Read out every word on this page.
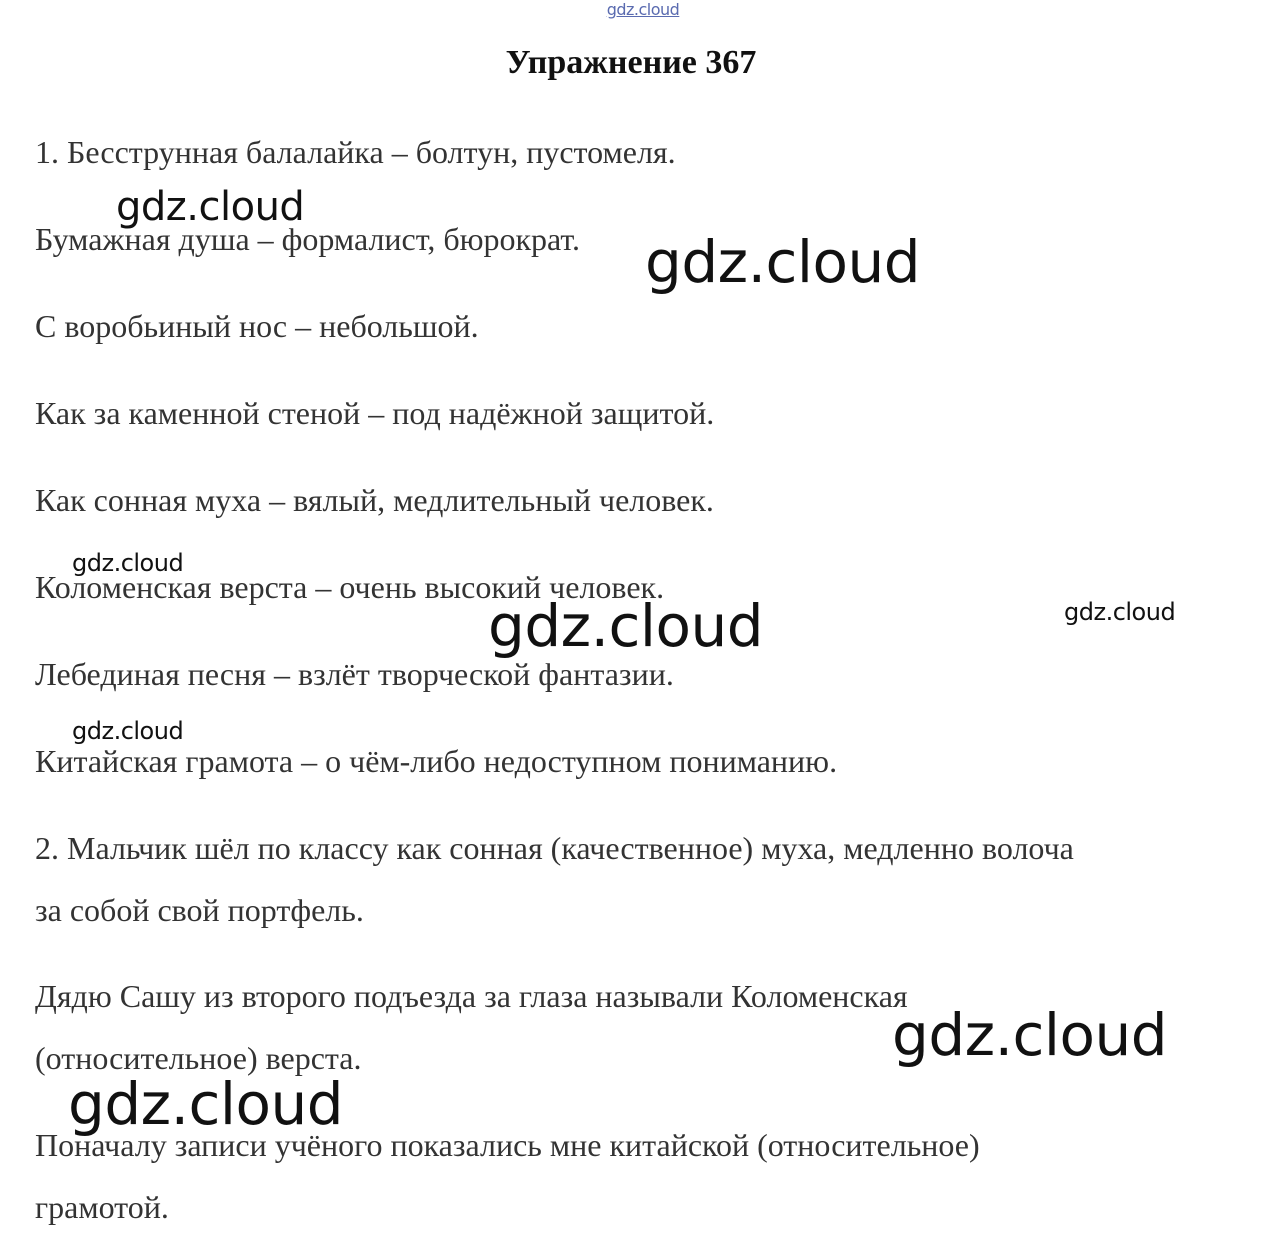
gdz.cloud
Упражнение 367
1. Бесструнная балалайка – болтун, пустомеля.
Бумажная душа – формалист, бюрократ.
С воробьиный нос – небольшой.
Как за каменной стеной – под надёжной защитой.
Как сонная муха – вялый, медлительный человек.
Коломенская верста – очень высокий человек.
Лебединая песня – взлёт творческой фантазии.
Китайская грамота – о чём-либо недоступном пониманию.
2. Мальчик шёл по классу как сонная (качественное) муха, медленно волоча
за собой свой портфель.
Дядю Сашу из второго подъезда за глаза называли Коломенская
(относительное) верста.
Поначалу записи учёного показались мне китайской (относительное)
грамотой.
gdz.cloud
gdz.cloud
gdz.cloud
gdz.cloud
gdz.cloud
gdz.cloud
gdz.cloud
gdz.cloud
